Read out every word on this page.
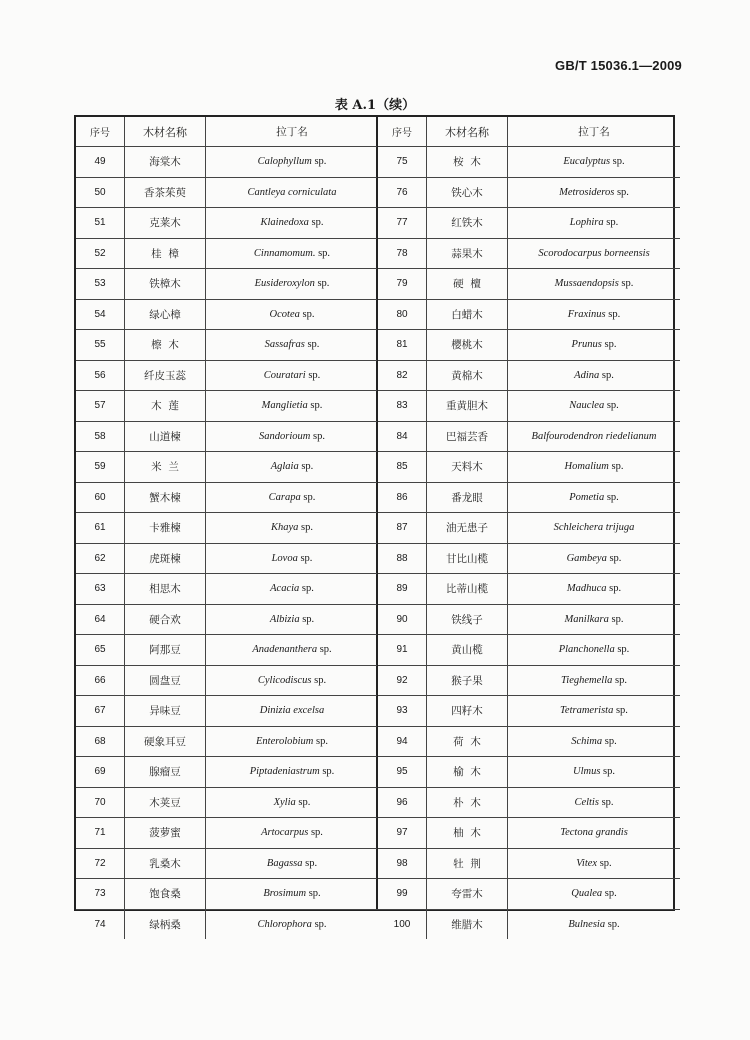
GB/T 15036.1—2009
表 A.1（续）
序号	木材名称	拉丁名
49	海棠木	Calophyllum sp.
50	香茶茱萸	Cantleya corniculata
51	克莱木	Klainedoxa sp.
52	桂  樟	Cinnamomum. sp.
53	铁樟木	Eusideroxylon sp.
54	绿心樟	Ocotea sp.
55	檫  木	Sassafras sp.
56	纤皮玉蕊	Couratari sp.
57	木  莲	Manglietia sp.
58	山道楝	Sandorioum sp.
59	米  兰	Aglaia sp.
60	蟹木楝	Carapa sp.
61	卡雅楝	Khaya sp.
62	虎斑楝	Lovoa sp.
63	相思木	Acacia sp.
64	硬合欢	Albizia sp.
65	阿那豆	Anadenanthera sp.
66	圆盘豆	Cylicodiscus sp.
67	异味豆	Dinizia excelsa
68	硬象耳豆	Enterolobium sp.
69	腺瘤豆	Piptadeniastrum sp.
70	木荚豆	Xylia sp.
71	菠萝蜜	Artocarpus sp.
72	乳桑木	Bagassa sp.
73	饱食桑	Brosimum sp.
74	绿柄桑	Chlorophora sp.
序号	木材名称	拉丁名
75	桉  木	Eucalyptus sp.
76	铁心木	Metrosideros sp.
77	红铁木	Lophira sp.
78	蒜果木	Scorodocarpus borneensis
79	硬  檀	Mussaendopsis sp.
80	白蜡木	Fraxinus sp.
81	樱桃木	Prunus sp.
82	黄棉木	Adina sp.
83	重黄胆木	Nauclea sp.
84	巴福芸香	Balfourodendron riedelianum
85	天料木	Homalium sp.
86	番龙眼	Pometia sp.
87	油无患子	Schleichera trijuga
88	甘比山榄	Gambeya sp.
89	比蒂山榄	Madhuca sp.
90	铁线子	Manilkara sp.
91	黄山榄	Planchonella sp.
92	猴子果	Tieghemella sp.
93	四籽木	Tetramerista sp.
94	荷  木	Schima sp.
95	榆  木	Ulmus sp.
96	朴  木	Celtis sp.
97	柚  木	Tectona grandis
98	牡  荆	Vitex sp.
99	夸雷木	Qualea sp.
100	维腊木	Bulnesia sp.
